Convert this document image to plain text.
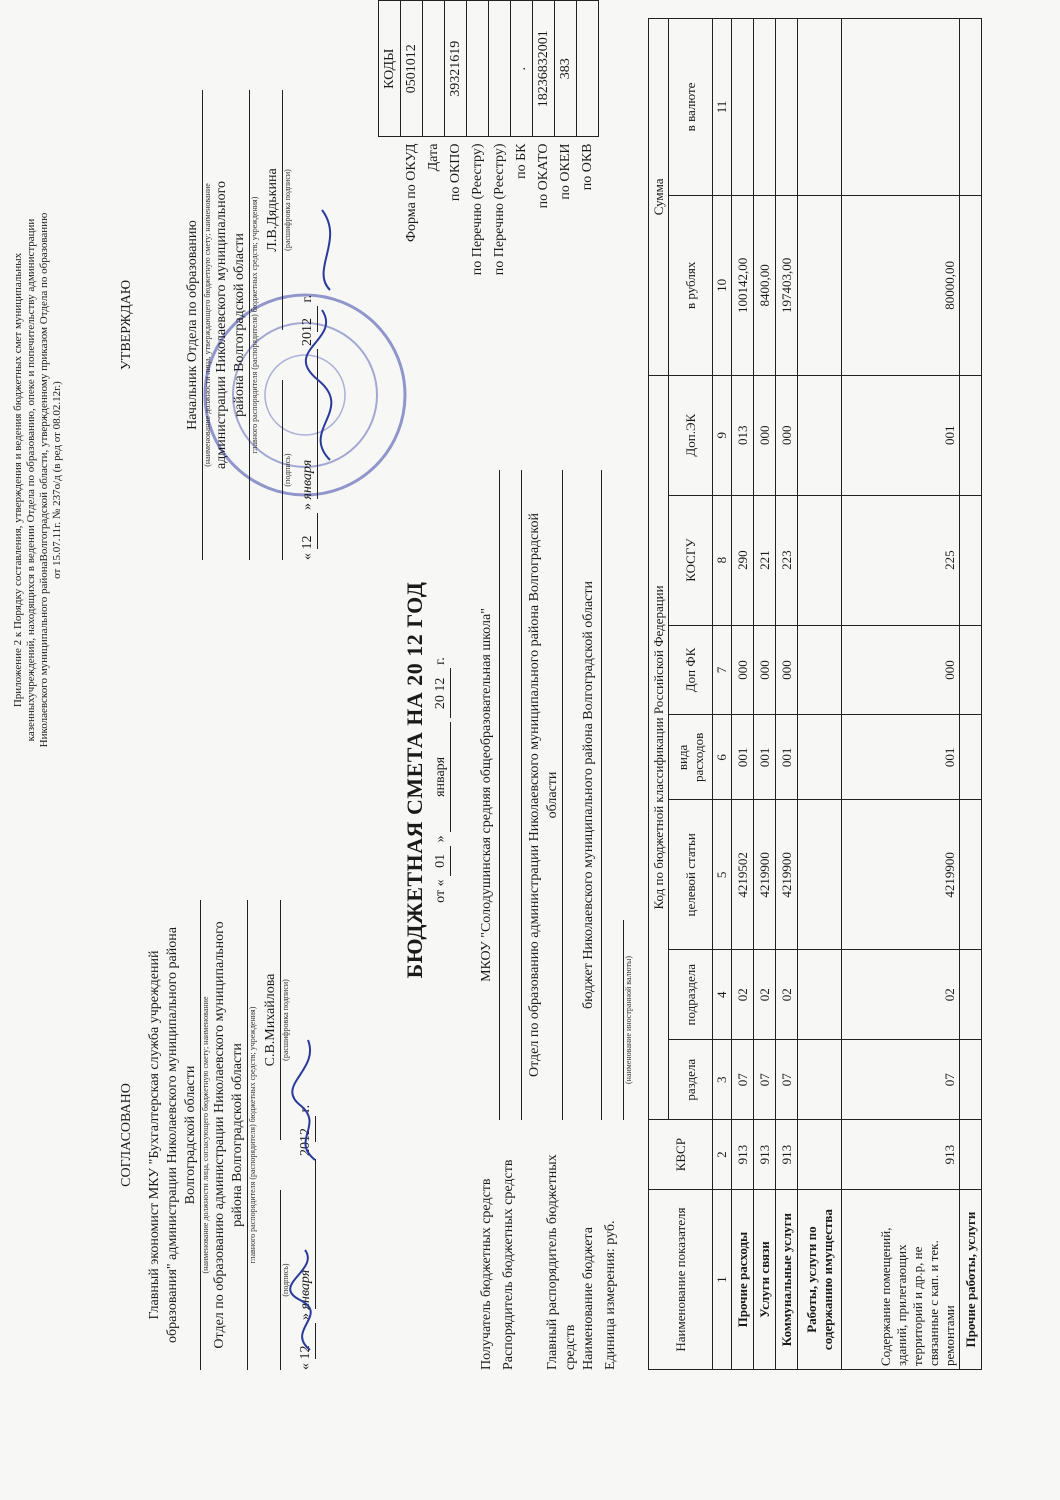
Приложение 2 к Порядку составления, утверждения и ведения бюджетных смет муниципальных казенныхучреждений, находящихся в ведении Отдела по образованию, опеке и попечительству администрации Николаевского муниципального районаВолгоградской области, утвержденному приказом Отдела по образованию от 15.07.11г. № 237о/д (в ред от 08.02.12г.)
СОГЛАСОВАНО Главный экономист МКУ "Бухгалтерская служба учреждений образования" администрации Николаевского муниципального района Волгоградской области (наименование должности лица, согласующего бюджетную смету; наименование Отдел по образованию администрации Николаевского муниципального района Волгоградской области главного распорядителя (распорядителя) бюджетных средств; учреждения)
(подпись)
С.В.Михайлова (расшифровка подписи)
« 12 » января 2012 г.
УТВЕРЖДАЮ	Начальник Отдела по образованию (наименование должности лица, утверждающего бюджетную смету; наименование администрации Николаевского муниципального района Волгоградской области главного распорядителя (распорядителя) бюджетных средств; учреждения)
(подпись)
Л.В.Дядькина (расшифровка подписи)
« 12 » января 2012 г.
	КОДЫ
Форма по ОКУД	0501012
Дата	
по ОКПО	39321619
по Перечню (Реестру)	
по Перечню (Реестру)	
по БК	.
по ОКАТО	18236832001
по ОКЕИ	383
по ОКВ	
БЮДЖЕТНАЯ СМЕТА НА 20 12 ГОД от « 01 » января 20 12 г.
Получатель бюджетных средств
МКОУ "Солодушинская средняя общеобразовательная школа"
Распорядитель бюджетных средств	Главный распорядитель бюджетных средств
Отдел по образованию администрации Николаевского муниципального района Волгоградской области
Наименование бюджета
бюджет Николаевского муниципального района Волгоградской области
Единица измерения: руб.
(наименование иностранной валюты)
Наименование показателя	КВСР	Код по бюджетной классификации Российской Федерации							Сумма	
		раздела	подраздела	целевой статьи	вида расходов	Доп ФК	КОСГУ	Доп.ЭК	в рублях	в валюте
1	2	3	4	5	6	7	8	9	10	11
Прочие расходы	913	07	02	4219502	001	000	290	013	100142,00	
Услуги связи	913	07	02	4219900	001	000	221	000	8400,00	
Коммунальные услуги	913	07	02	4219900	001	000	223	000	197403,00	
Работы, услуги по содержанию имущества										
Содержание помещений, зданий, прилегающих территорий и др.р, не связанные с кап. и тек. ремонтами	913	07	02	4219900	001	000	225	001	80000,00	
Прочие работы, услуги										
